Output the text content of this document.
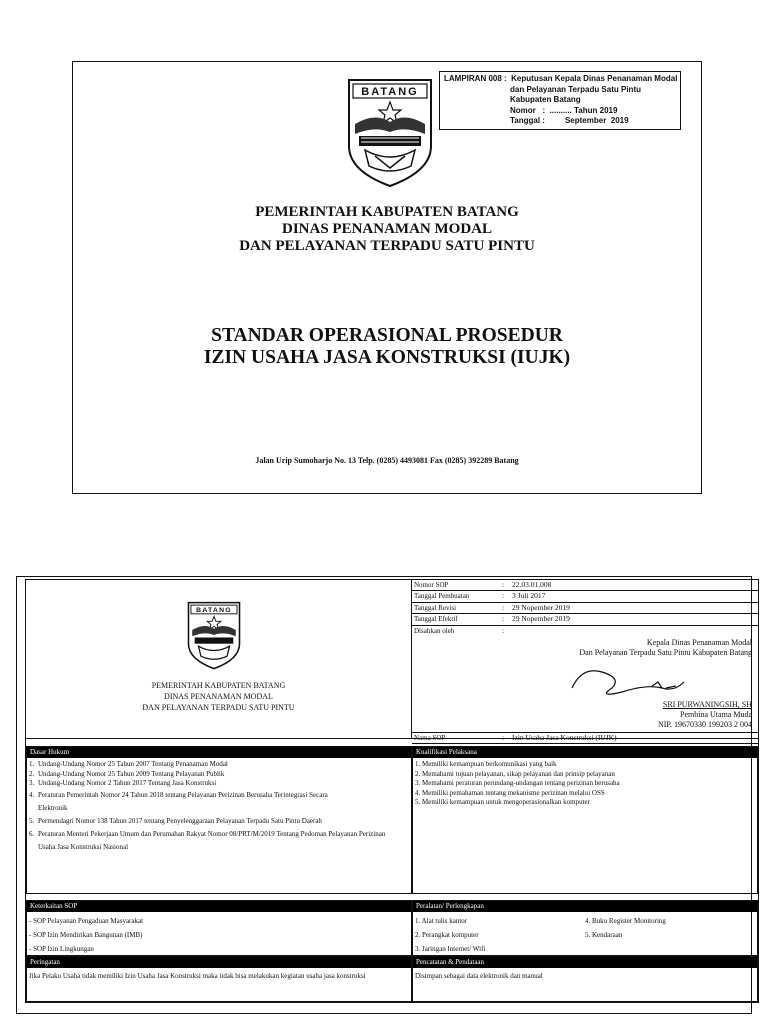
BATANG
LAMPIRAN 008
:
Keputusan Kepala Dinas Penanaman Modal
dan Pelayanan Terpadu Satu Pintu
Kabupaten Batang
Nomor   :  .......... Tahun 2019
Tanggal :         September  2019
PEMERINTAH KABUPATEN BATANG
DINAS PENANAMAN MODAL
DAN PELAYANAN TERPADU SATU PINTU
STANDAR OPERASIONAL PROSEDUR
IZIN USAHA JASA KONSTRUKSI (IUJK)
Jalan Urip Sumoharjo No. 13 Telp. (0285) 4493081 Fax (0285) 392289 Batang
BATANG
PEMERINTAH KABUPATEN BATANG
DINAS PENANAMAN MODAL
DAN PELAYANAN TERPADU SATU PINTU
Nomor SOP	:	22.03.01.008
Tanggal Pembuatan	:	3 Juli 2017
Tanggal Revisi	:	29 Nopember 2019
Tanggal Efektif	:	29 Nopember 2019
Disahkan oleh	:
Kepala Dinas Penanaman Modal
Dan Pelayanan Terpadu Satu Pintu Kabupaten Batang
SRI PURWANINGSIH, SH
Pembina Utama Muda
NIP. 19670330 199203 2 004
Nama SOP	:	Izin Usaha Jasa Konstruksi (IUJK)
Dasar Hukum
1. Undang-Undang Nomor 25 Tahun 2007 Tentang Penanaman Modal
2. Undang-Undang Nomor 25 Tahun 2009 Tentang Pelayanan Publik
3. Undang-Undang Nomor 2 Tahun 2017 Tentang Jasa Konstruksi
4. Peraturan Pemerintah Nomor 24 Tahun 2018 tentang Pelayanan Perizinan Berusaha Terintegrasi Secara Elektronik
5. Permendagri Nomor 138 Tahun 2017 tentang Penyelenggaraan Pelayanan Terpadu Satu Pintu Daerah
6. Peraturan Menteri Pekerjaan Umum dan Perumahan Rakyat Nomor 08/PRT/M/2019 Tentang Pedoman Pelayanan Perizinan Usaha Jasa Konstruksi Nasional
Kualifikasi Pelaksana
1. Memiliki kemampuan berkomunikasi yang baik
2. Memahami tujuan pelayanan, sikap pelayanan dan prinsip pelayanan
3. Memahami peraturan perundang-undangan tentang perizinan berusaha
4. Memiliki pemahaman tentang mekanisme perizinan melalui OSS
5. Memiliki kemampuan untuk mengoperasionalkan komputer
Keterkaitan SOP
- SOP Pelayanan Pengaduan Masyarakat
- SOP Izin Mendirikan Bangunan (IMB)
- SOP Izin Lingkungan
Peralatan/ Perlengkapan
1. Alat tulis kantor
2. Perangkat komputer
3. Jaringan Internet/ Wifi
4. Buku Register Monitoring
5. Kendaraan
Peringatan
Jika Pelaku Usaha tidak memiliki Izin Usaha Jasa Konstruksi maka tidak bisa melakukan kegiatan usaha jasa konstruksi
Pencatatan & Pendataan
Disimpan sebagai data elektronik dan manual
